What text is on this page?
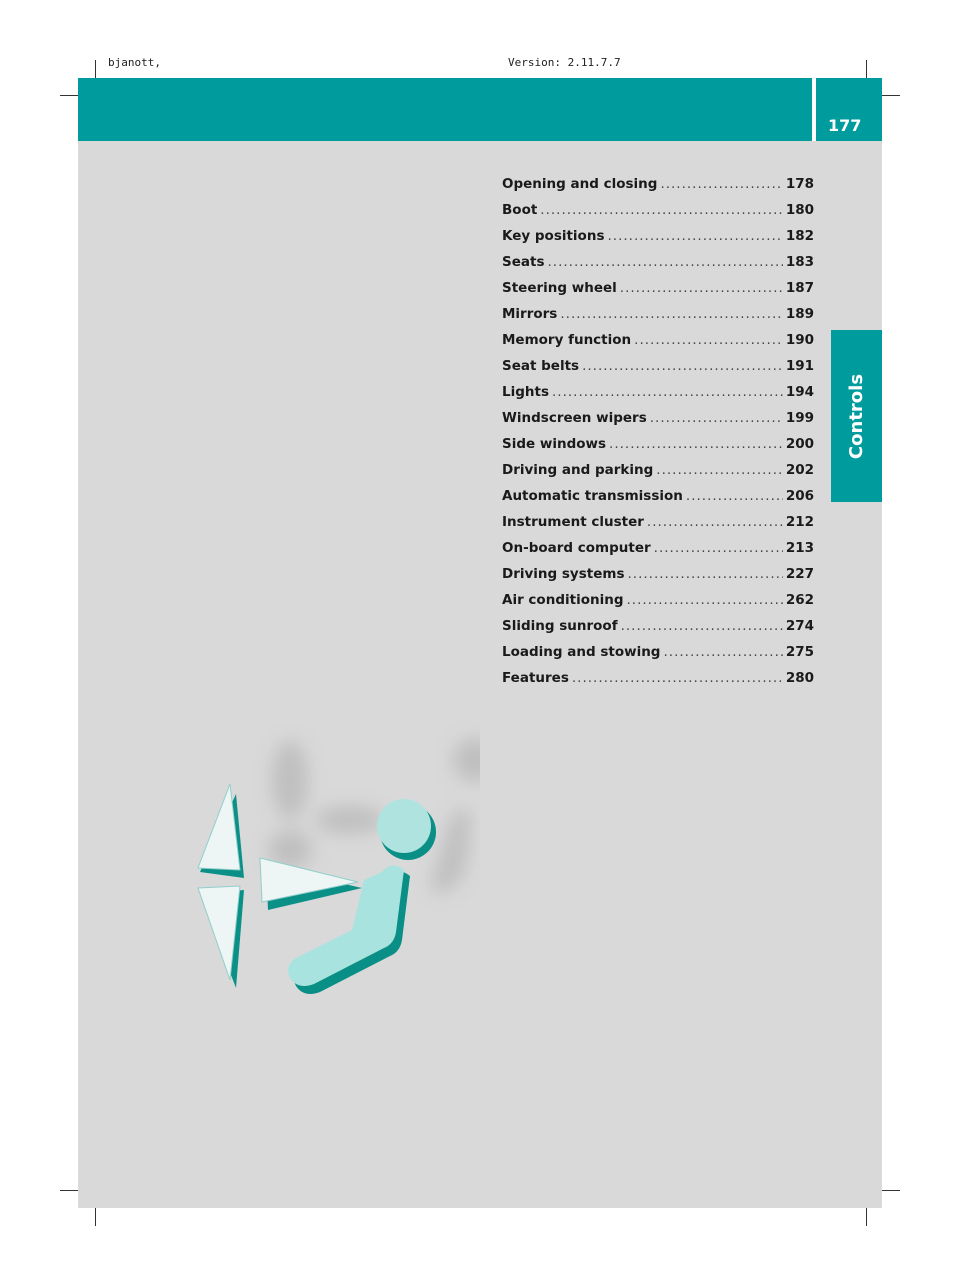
bjanott,	Version: 2.11.7.7
177
Controls
Opening and closing .....	178
Boot .....	180
Key positions .....	182
Seats .....	183
Steering wheel .....	187
Mirrors .....	189
Memory function .....	190
Seat belts .....	191
Lights .....	194
Windscreen wipers .....	199
Side windows .....	200
Driving and parking .....	202
Automatic transmission .....	206
Instrument cluster .....	212
On-board computer .....	213
Driving systems .....	227
Air conditioning .....	262
Sliding sunroof .....	274
Loading and stowing .....	275
Features .....	280
